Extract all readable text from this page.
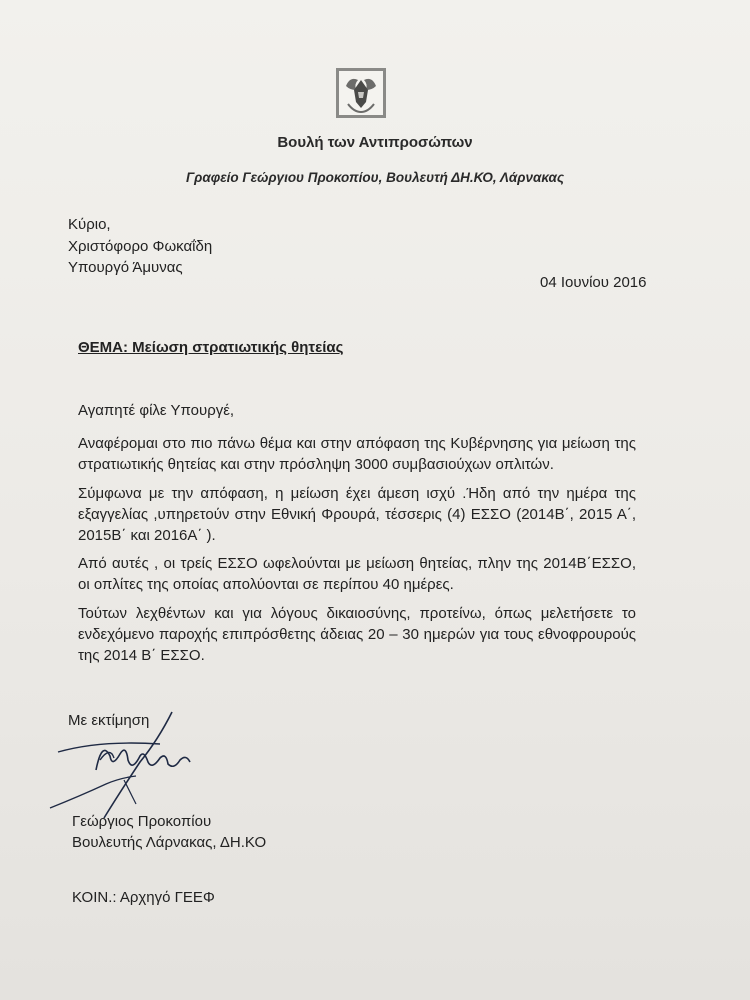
Βουλή των Αντιπροσώπων
Γραφείο Γεώργιου Προκοπίου, Βουλευτή ΔΗ.ΚΟ, Λάρνακας
Κύριο,
Χριστόφορο Φωκαΐδη
Υπουργό Άμυνας
04 Ιουνίου 2016
ΘΕΜΑ: Μείωση στρατιωτικής θητείας
Αγαπητέ φίλε Υπουργέ,
Αναφέρομαι στο πιο πάνω θέμα και στην απόφαση της Κυβέρνησης για μείωση της στρατιωτικής θητείας και στην πρόσληψη 3000 συμβασιούχων οπλιτών.
Σύμφωνα με την απόφαση, η μείωση έχει άμεση ισχύ .Ήδη από την ημέρα της εξαγγελίας ,υπηρετούν στην Εθνική Φρουρά, τέσσερις (4) ΕΣΣΟ (2014Β΄, 2015 Α΄, 2015Β΄ και 2016Α΄ ).
Από αυτές , οι τρείς ΕΣΣΟ ωφελούνται με μείωση θητείας, πλην της 2014Β΄ΕΣΣΟ, οι οπλίτες της οποίας απολύονται σε περίπου 40 ημέρες.
Τούτων λεχθέντων και για λόγους δικαιοσύνης, προτείνω, όπως μελετήσετε το ενδεχόμενο παροχής επιπρόσθετης άδειας 20 – 30 ημερών για τους εθνοφρουρούς της 2014 Β΄ ΕΣΣΟ.
Με εκτίμηση
Γεώργιος Προκοπίου
Βουλευτής Λάρνακας, ΔΗ.ΚΟ
ΚΟΙΝ.: Αρχηγό ΓΕΕΦ
